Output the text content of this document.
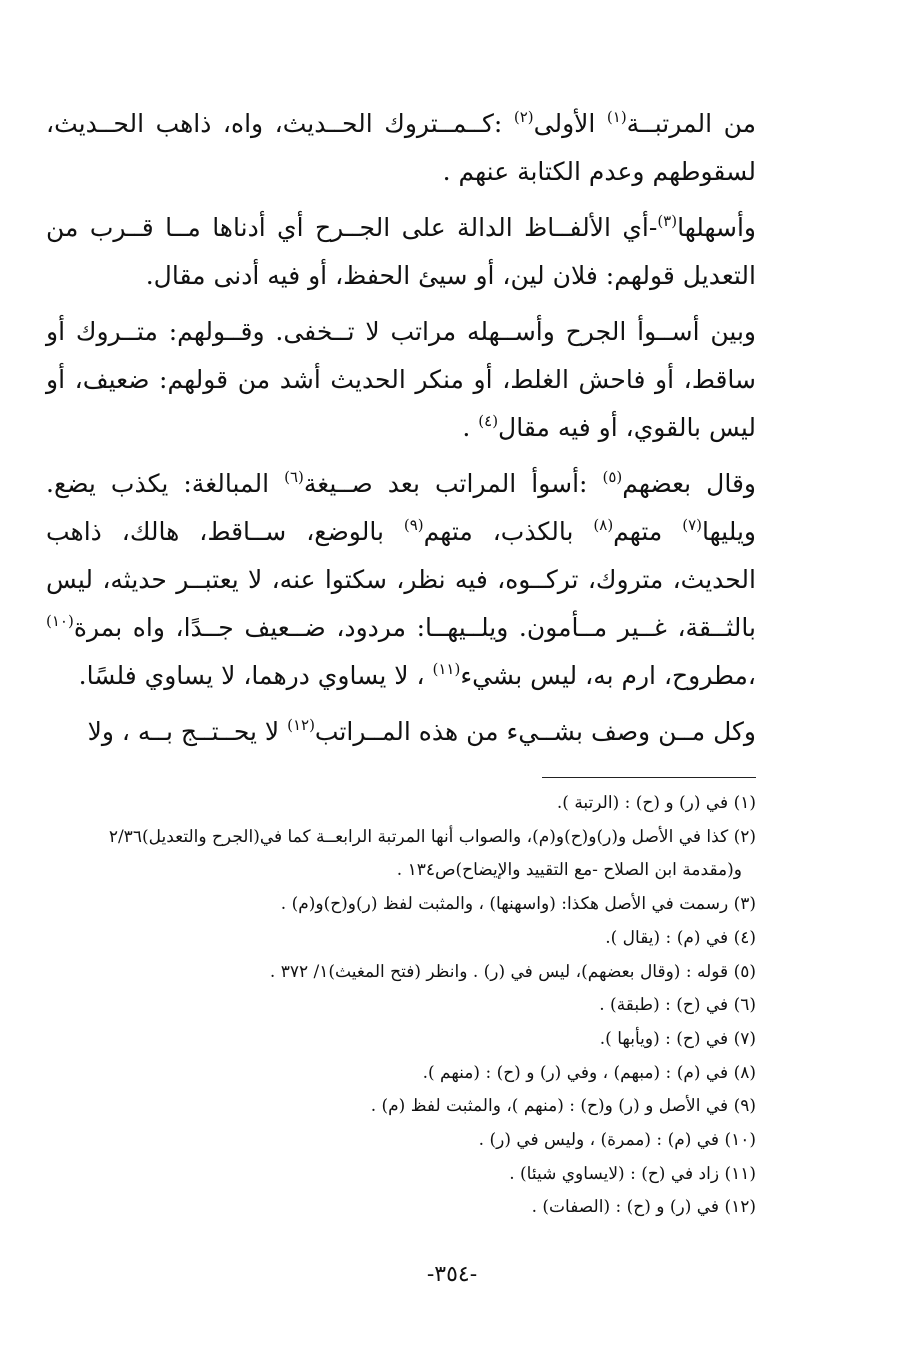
من المرتبــة$^{(١)}$ الأولى$^{(٢)}$ :كــمــتروك الحــديث، واه، ذاهب الحــديث،
لسقوطهم وعدم الكتابة عنهم .
وأسهلها$^{(٣)}$-أي الألفــاظ الدالة على الجــرح أي أدناها مــا قــرب من
التعديل قولهم: فلان لين، أو سيئ الحفظ، أو فيه أدنى مقال.
وبين أســوأ الجرح وأســهله مراتب لا تــخفى. وقــولهم: متــروك أو
ساقط، أو فاحش الغلط، أو منكر الحديث أشد من قولهم: ضعيف، أو
ليس بالقوي، أو فيه مقال$^{(٤)}$ .
وقال بعضهم$^{(٥)}$ :أسوأ المراتب بعد صــيغة$^{(٦)}$ المبالغة: يكذب يضع.
ويليها$^{(٧)}$ متهم$^{(٨)}$ بالكذب، متهم$^{(٩)}$ بالوضع، ســاقط، هالك، ذاهب
الحديث، متروك، تركــوه، فيه نظر، سكتوا عنه، لا يعتبــر حديثه، ليس
بالثــقة، غــير مــأمون. ويلــيهــا: مردود، ضــعيف جــدًا، واه بمرة$^{(١٠)}$
،مطروح، ارم به، ليس بشيء$^{(١١)}$ ، لا يساوي درهما، لا يساوي فلسًا.
وكل مــن وصف بشــيء من هذه المــراتب$^{(١٢)}$ لا يحــتــج بــه ، ولا
(١) في (ر) و (ح) : (الرتبة ).
(٢) كذا في الأصل و(ر)و(ح)و(م)، والصواب أنها المرتبة الرابعــة كما في(الجرح والتعديل)٢/٣٦
و(مقدمة ابن الصلاح -مع التقييد والإيضاح)ص١٣٤ .
(٣) رسمت في الأصل هكذا: (واسهنها) ، والمثبت لفظ (ر)و(ح)و(م) .
(٤) في (م) : (يقال ).
(٥) قوله : (وقال بعضهم)، ليس في (ر) . وانظر (فتح المغيث)١/ ٣٧٢ .
(٦) في (ح) : (طبقة) .
(٧) في (ح) : (ويأبها ).
(٨) في (م) : (مبهم) ، وفي (ر) و (ح) : (منهم ).
(٩) في الأصل و (ر) و(ح) : (منهم )، والمثبت لفظ (م) .
(١٠) في (م) : (ممرة) ، وليس في (ر) .
(١١) زاد في (ح) : (لايساوي شيئا) .
(١٢) في (ر) و (ح) : (الصفات) .
-٣٥٤-
